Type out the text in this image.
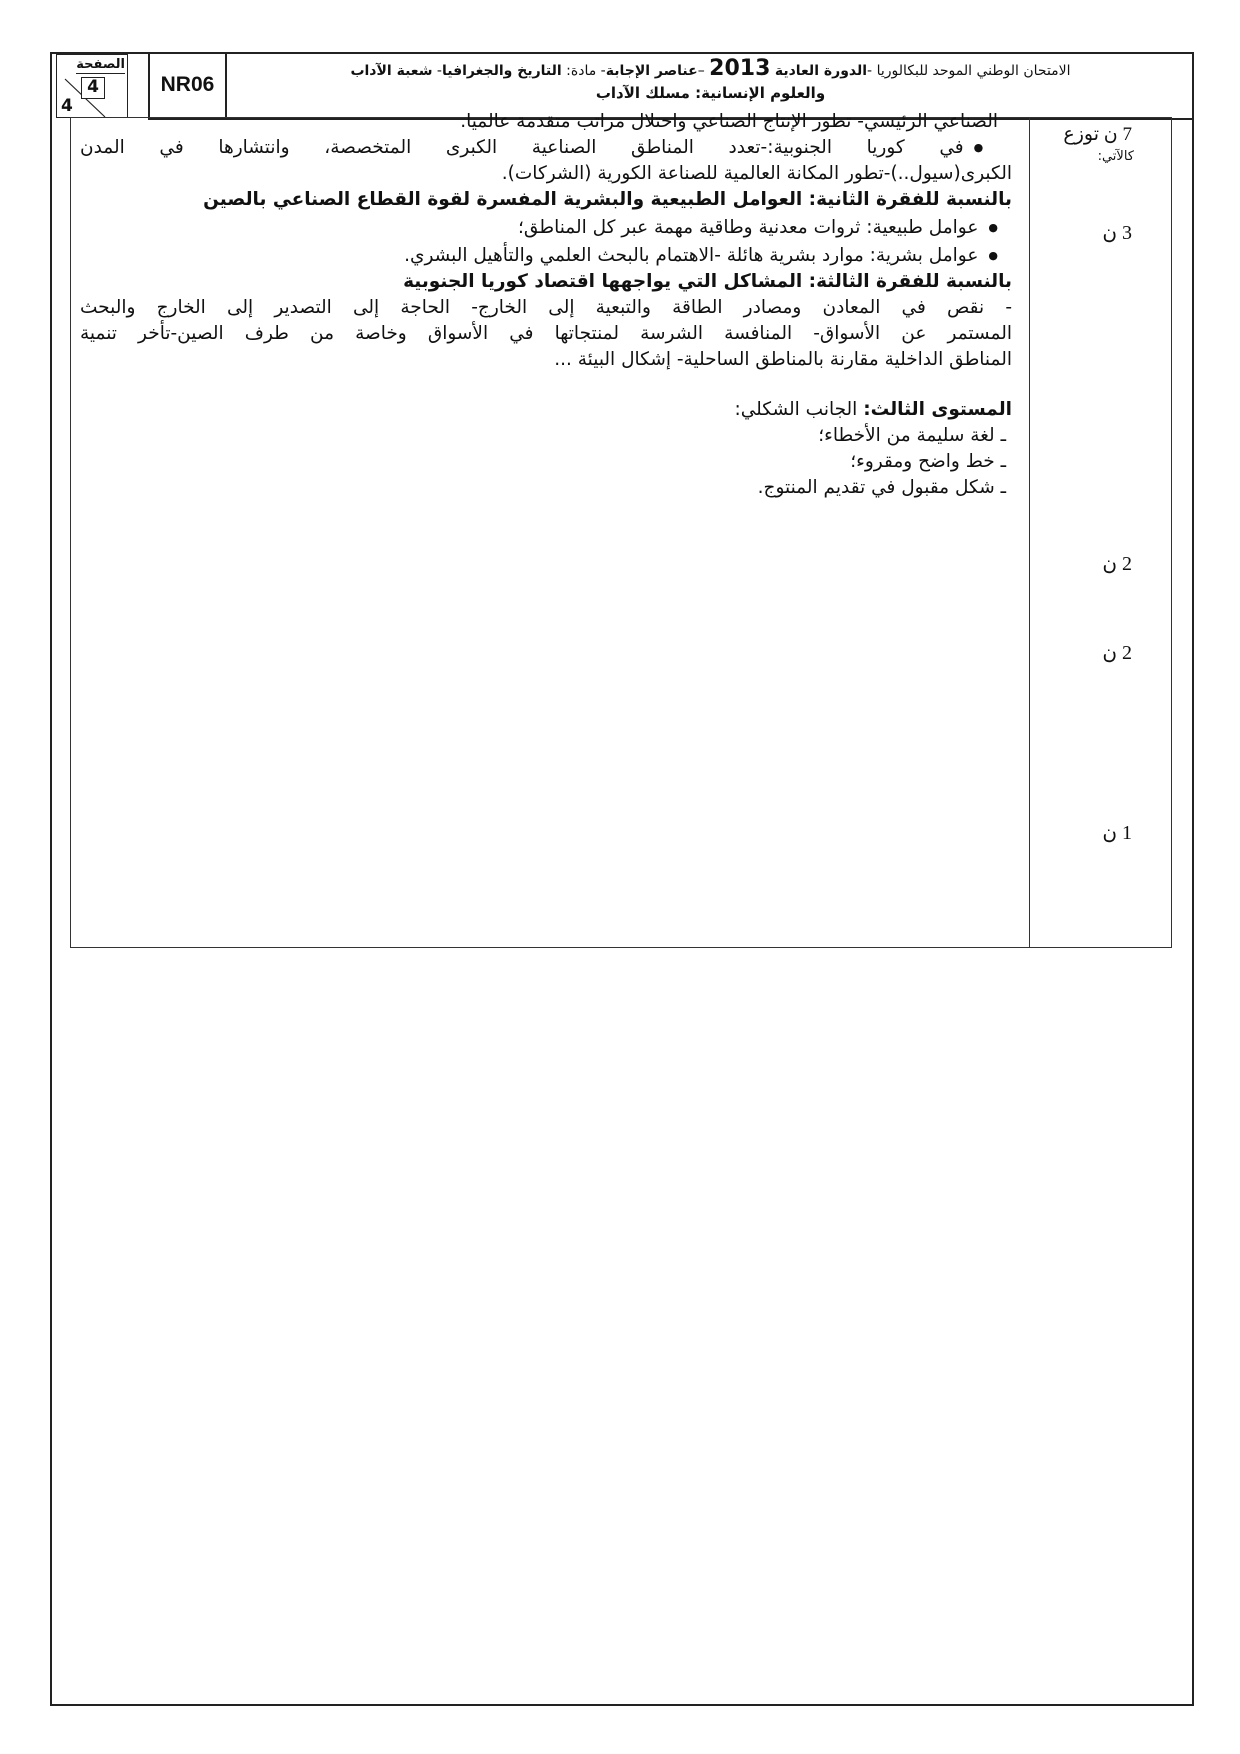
الامتحان الوطني الموحد للبكالوريا -الدورة العادية 2013 –عناصر الإجابة- مادة: التاريخ والجغرافيا- شعبة الآداب
والعلوم الإنسانية: مسلك الآداب
NR06
الصفحة
4
4
7 ن توزع
كالآتي:
3 ن
2 ن
2 ن
1 ن
الصناعي الرئيسي- تطور الإنتاج الصناعي واحتلال مراتب متقدمة عالميا.
● في كوريا الجنوبية:-تعدد المناطق الصناعية الكبرى المتخصصة، وانتشارها في المدن
الكبرى(سيول..)-تطور المكانة العالمية للصناعة الكورية (الشركات).
بالنسبة للفقرة الثانية: العوامل الطبيعية والبشرية المفسرة لقوة القطاع الصناعي بالصين
● عوامل طبيعية: ثروات معدنية وطاقية مهمة عبر كل المناطق؛
● عوامل بشرية: موارد بشرية هائلة -الاهتمام بالبحث العلمي والتأهيل البشري.
بالنسبة للفقرة الثالثة: المشاكل التي يواجهها اقتصاد كوريا الجنوبية
- نقص في المعادن ومصادر الطاقة والتبعية إلى الخارج- الحاجة إلى التصدير إلى الخارج والبحث
المستمر عن الأسواق- المنافسة الشرسة لمنتجاتها في الأسواق وخاصة من طرف الصين-تأخر تنمية
المناطق الداخلية مقارنة بالمناطق الساحلية- إشكال البيئة ...
المستوى الثالث: الجانب الشكلي:
ـ لغة سليمة من الأخطاء؛
ـ خط واضح ومقروء؛
ـ شكل مقبول في تقديم المنتوج.
